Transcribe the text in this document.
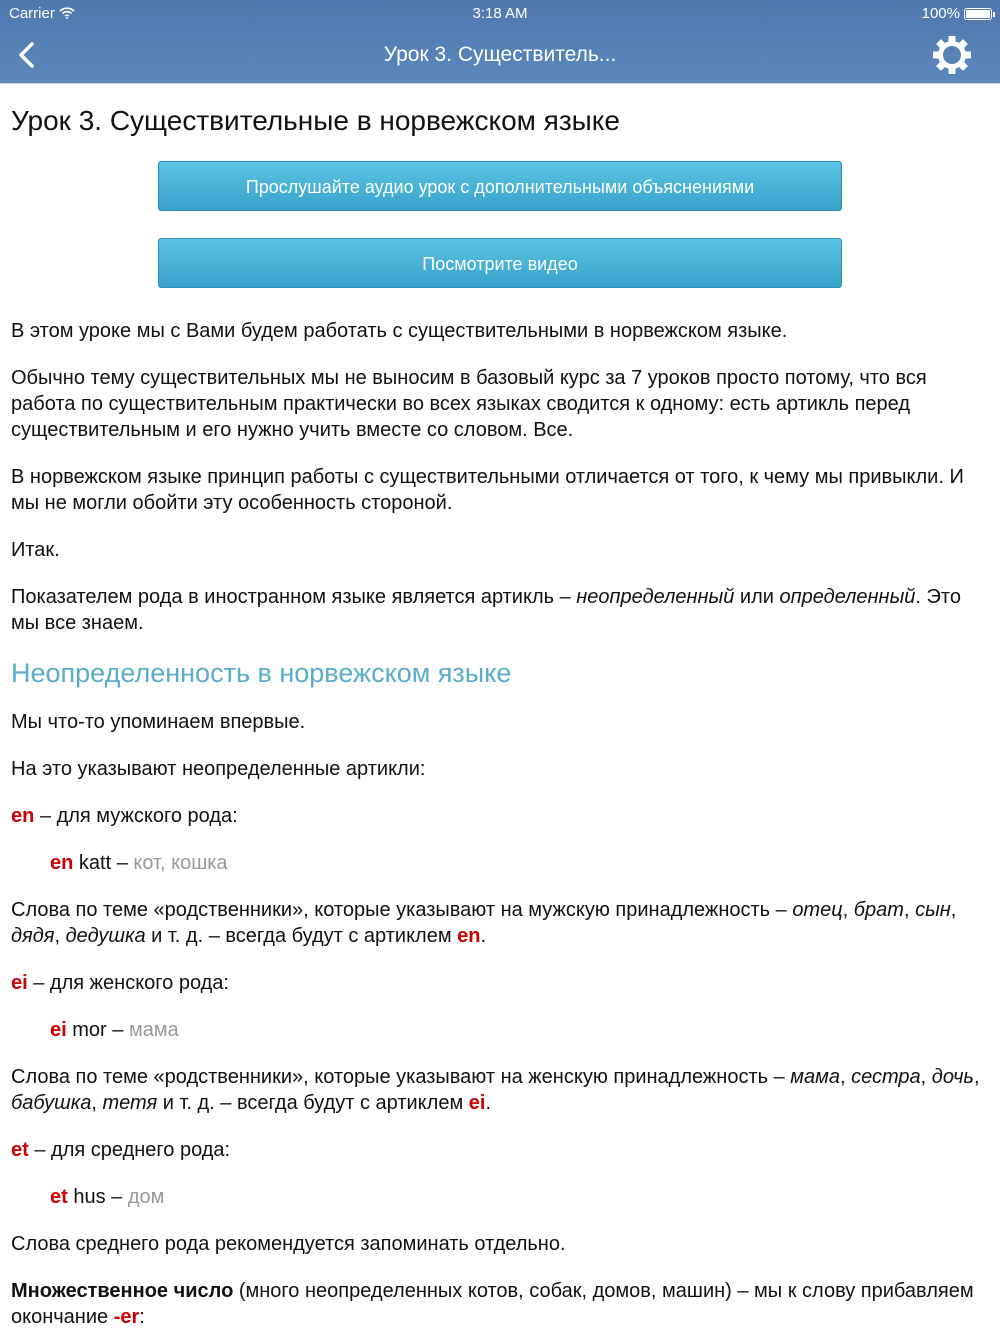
Carrier	3:18 AM	100%
Урок 3. Существитель...
Урок 3. Существительные в норвежском языке
Прослушайте аудио урок с дополнительными объяснениями
Посмотрите видео

В этом уроке мы с Вами будем работать с существительными в норвежском языке.

Обычно тему существительных мы не выносим в базовый курс за 7 уроков просто потому, что вся работа по существительным практически во всех языках сводится к одному: есть артикль перед существительным и его нужно учить вместе со словом. Все.

В норвежском языке принцип работы с существительными отличается от того, к чему мы привыкли. И мы не могли обойти эту особенность стороной.

Итак.

Показателем рода в иностранном языке является артикль – неопределенный или определенный. Это мы все знаем.

Неопределенность в норвежском языке

Мы что-то упоминаем впервые.

На это указывают неопределенные артикли:

en – для мужского рода:

en katt – кот, кошка

Слова по теме «родственники», которые указывают на мужскую принадлежность – отец, брат, сын, дядя, дедушка и т. д. – всегда будут с артиклем en.

ei – для женского рода:

ei mor – мама

Слова по теме «родственники», которые указывают на женскую принадлежность – мама, сестра, дочь, бабушка, тетя и т. д. – всегда будут с артиклем ei.

et – для среднего рода:

et hus – дом

Слова среднего рода рекомендуется запоминать отдельно.

Множественное число (много неопределенных котов, собак, домов, машин) – мы к слову прибавляем окончание -er:
